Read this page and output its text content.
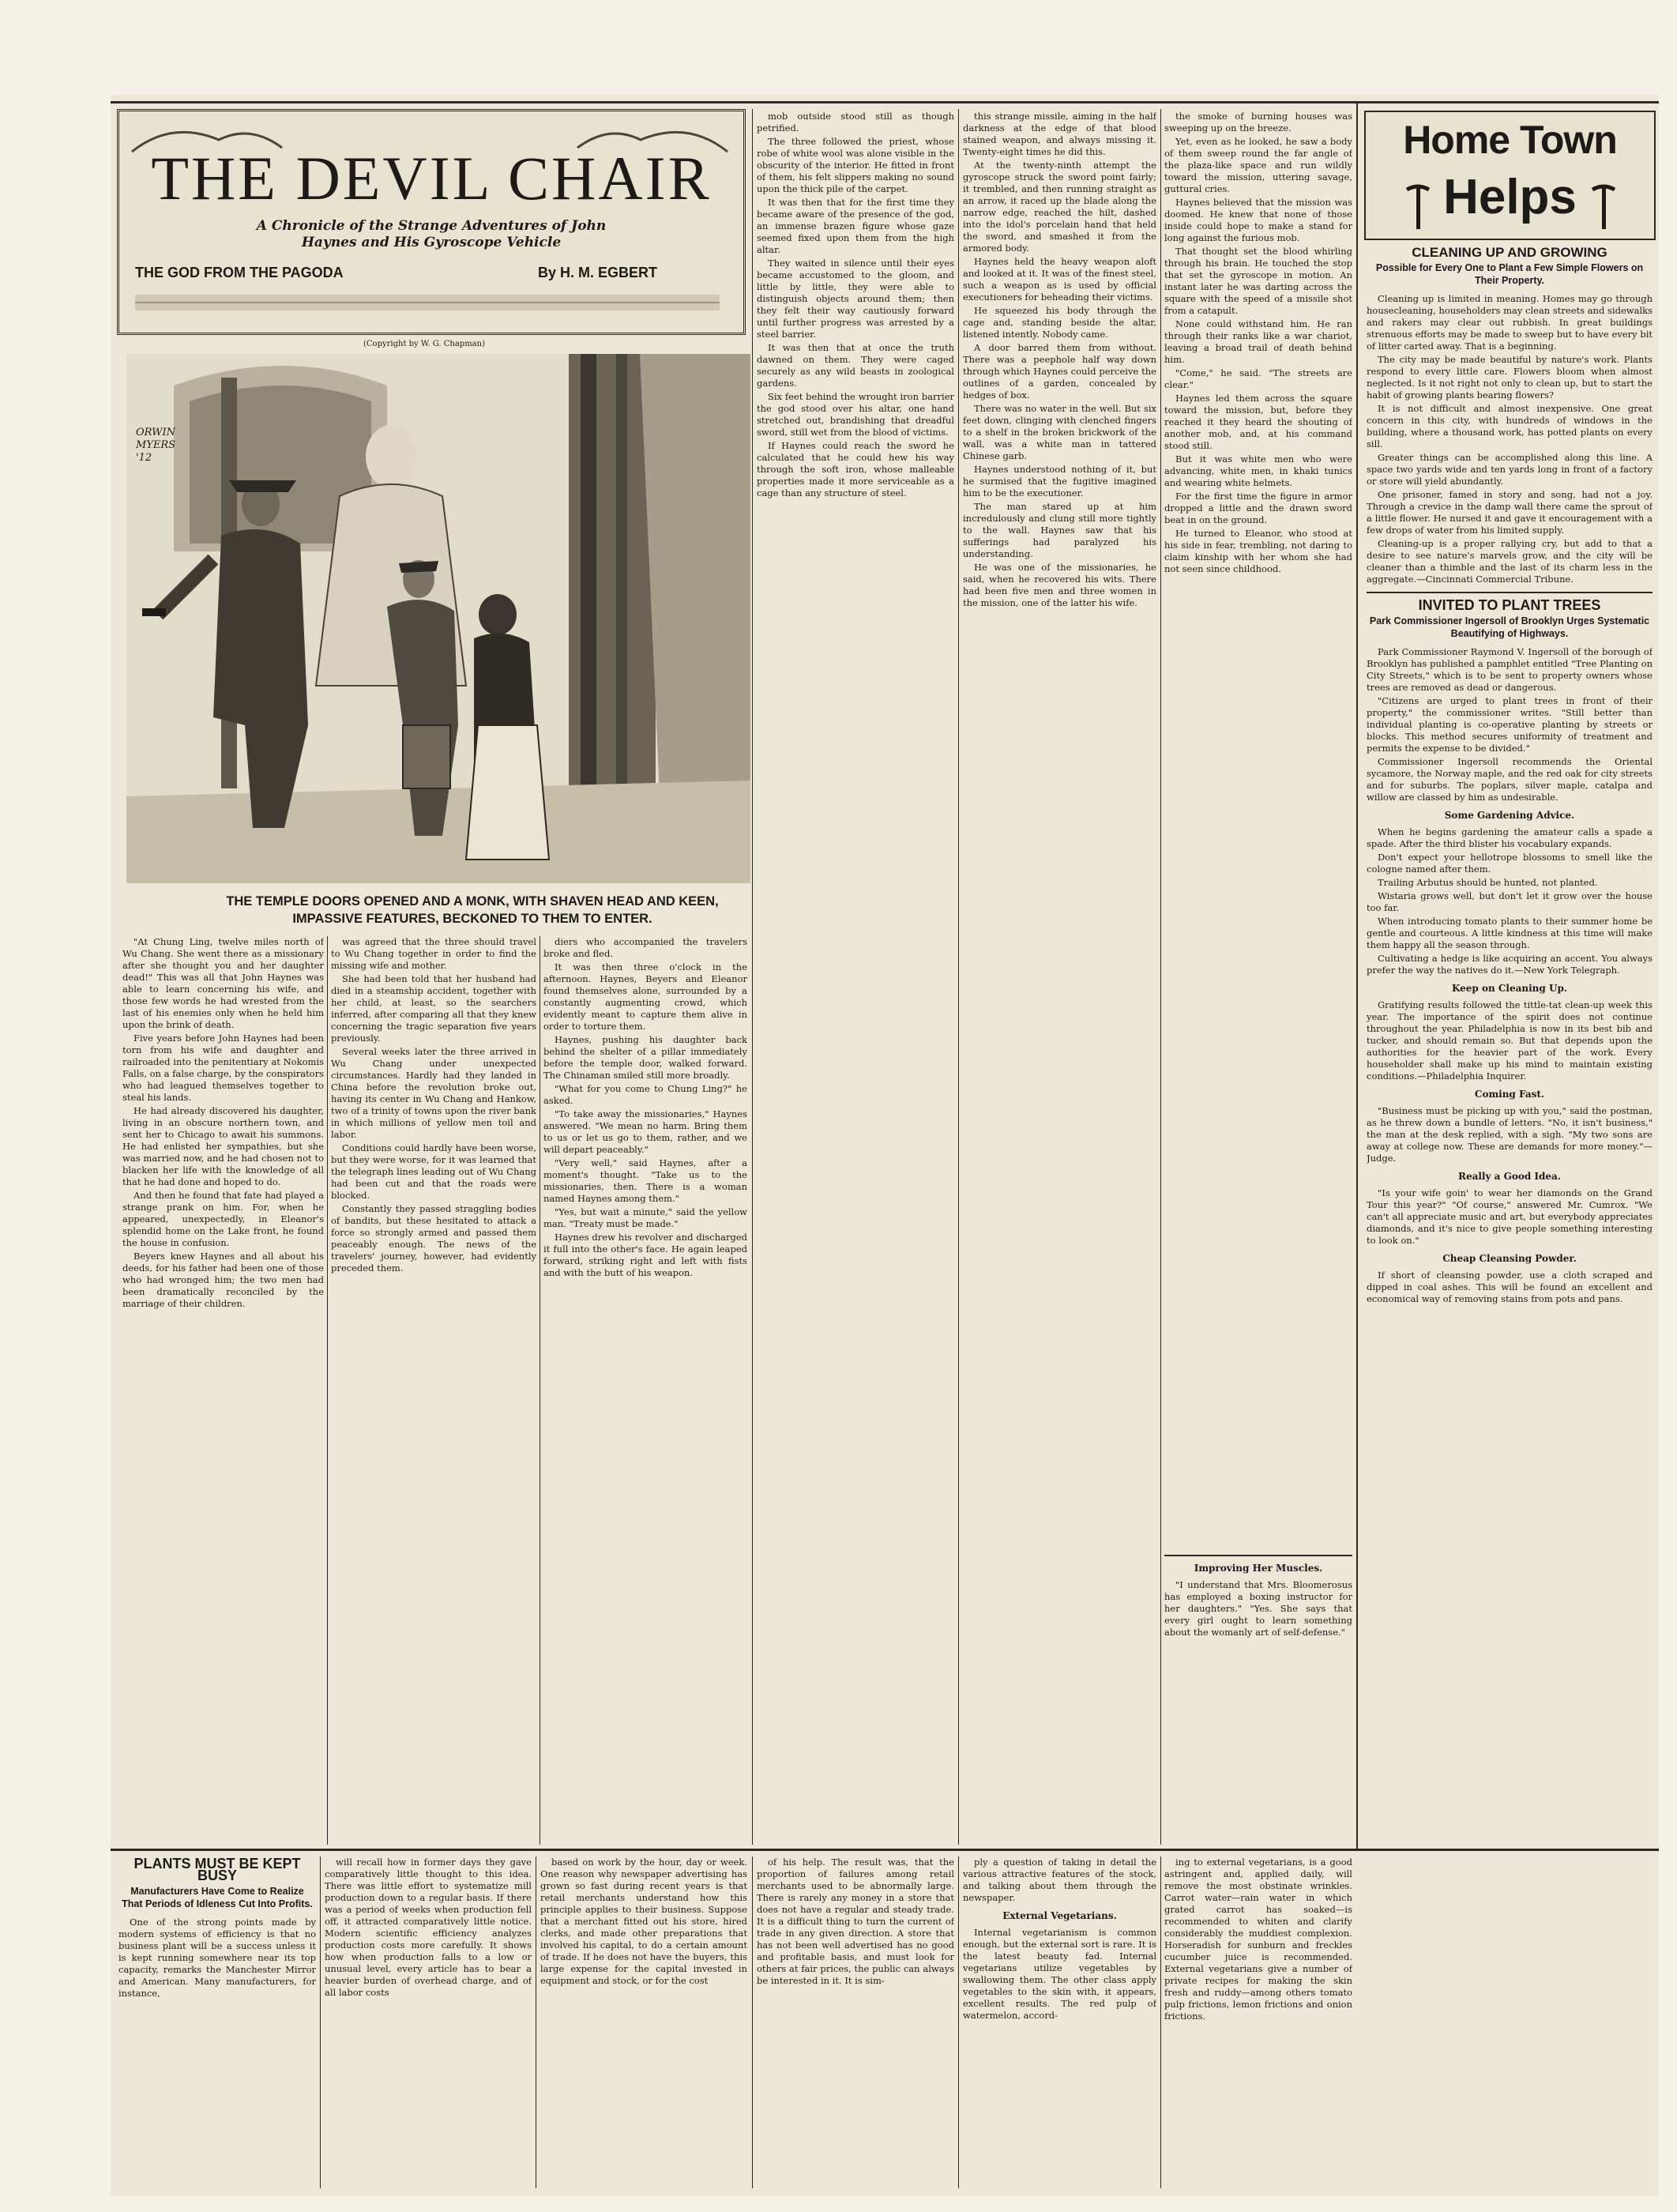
THE DEVIL CHAIR
A Chronicle of the Strange Adventures of John Haynes and His Gyroscope Vehicle
THE GOD FROM THE PAGODA	By H. M. EGBERT
(Copyright by W. G. Chapman)
ORWIN MYERS '12
THE TEMPLE DOORS OPENED AND A MONK, WITH SHAVEN HEAD AND KEEN, IMPASSIVE FEATURES, BECKONED TO THEM TO ENTER.

"At Chung Ling, twelve miles north of Wu Chang. She went there as a missionary after she thought you and her daughter dead!" This was all that John Haynes was able to learn concerning his wife, and those few words he had wrested from the last of his enemies only when he held him upon the brink of death.

Five years before John Haynes had been torn from his wife and daughter and railroaded into the penitentiary at Nokomis Falls, on a false charge, by the conspirators who had leagued themselves together to steal his lands.

He had already discovered his daughter, living in an obscure northern town, and sent her to Chicago to await his summons. He had enlisted her sympathies, but she was married now, and he had chosen not to blacken her life with the knowledge of all that he had done and hoped to do.

And then he found that fate had played a strange prank on him. For, when he appeared, unexpectedly, in Eleanor's splendid home on the Lake front, he found the house in confusion.

Beyers knew Haynes and all about his deeds, for his father had been one of those who had wronged him; the two men had been dramatically reconciled by the marriage of their children.

was agreed that the three should travel to Wu Chang together in order to find the missing wife and mother.

She had been told that her husband had died in a steamship accident, together with her child, at least, so the searchers inferred, after comparing all that they knew concerning the tragic separation five years previously.

Several weeks later the three arrived in Wu Chang under unexpected circumstances. Hardly had they landed in China before the revolution broke out, having its center in Wu Chang and Hankow, two of a trinity of towns upon the river bank in which millions of yellow men toil and labor.

Conditions could hardly have been worse, but they were worse, for it was learned that the telegraph lines leading out of Wu Chang had been cut and that the roads were blocked.

Constantly they passed straggling bodies of bandits, but these hesitated to attack a force so strongly armed and passed them peaceably enough. The news of the travelers' journey, however, had evidently preceded them.

diers who accompanied the travelers broke and fled.

It was then three o'clock in the afternoon. Haynes, Beyers and Eleanor found themselves alone, surrounded by a constantly augmenting crowd, which evidently meant to capture them alive in order to torture them.

Haynes, pushing his daughter back behind the shelter of a pillar immediately before the temple door, walked forward. The Chinaman smiled still more broadly.

"What for you come to Chung Ling?" he asked.

"To take away the missionaries," Haynes answered. "We mean no harm. Bring them to us or let us go to them, rather, and we will depart peaceably."

"Very well," said Haynes, after a moment's thought. "Take us to the missionaries, then. There is a woman named Haynes among them."

"Yes, but wait a minute," said the yellow man. "Treaty must be made."

Haynes drew his revolver and discharged it full into the other's face. He again leaped forward, striking right and left with fists and with the butt of his weapon.

mob outside stood still as though petrified.

The three followed the priest, whose robe of white wool was alone visible in the obscurity of the interior. He fitted in front of them, his felt slippers making no sound upon the thick pile of the carpet.

It was then that for the first time they became aware of the presence of the god, an immense brazen figure whose gaze seemed fixed upon them from the high altar.

They waited in silence until their eyes became accustomed to the gloom, and little by little, they were able to distinguish objects around them; then they felt their way cautiously forward until further progress was arrested by a steel barrier.

It was then that at once the truth dawned on them. They were caged securely as any wild beasts in zoological gardens.

Six feet behind the wrought iron barrier the god stood over his altar, one hand stretched out, brandishing that dreadful sword, still wet from the blood of victims.

If Haynes could reach the sword he calculated that he could hew his way through the soft iron, whose malleable properties made it more serviceable as a cage than any structure of steel.

this strange missile, aiming in the half darkness at the edge of that blood stained weapon, and always missing it. Twenty-eight times he did this.

At the twenty-ninth attempt the gyroscope struck the sword point fairly; it trembled, and then running straight as an arrow, it raced up the blade along the narrow edge, reached the hilt, dashed into the idol's porcelain hand that held the sword, and smashed it from the armored body.

Haynes held the heavy weapon aloft and looked at it. It was of the finest steel, such a weapon as is used by official executioners for beheading their victims.

He squeezed his body through the cage and, standing beside the altar, listened intently. Nobody came.

A door barred them from without. There was a peephole half way down through which Haynes could perceive the outlines of a garden, concealed by hedges of box.

There was no water in the well. But six feet down, clinging with clenched fingers to a shelf in the broken brickwork of the wall, was a white man in tattered Chinese garb.

Haynes understood nothing of it, but he surmised that the fugitive imagined him to be the executioner.

The man stared up at him incredulously and clung still more tightly to the wall. Haynes saw that his sufferings had paralyzed his understanding.

He was one of the missionaries, he said, when he recovered his wits. There had been five men and three women in the mission, one of the latter his wife.

the smoke of burning houses was sweeping up on the breeze.

Yet, even as he looked, he saw a body of them sweep round the far angle of the plaza-like space and run wildly toward the mission, uttering savage, guttural cries.

Haynes believed that the mission was doomed. He knew that none of those inside could hope to make a stand for long against the furious mob.

That thought set the blood whirling through his brain. He touched the stop that set the gyroscope in motion. An instant later he was darting across the square with the speed of a missile shot from a catapult.

None could withstand him. He ran through their ranks like a war chariot, leaving a broad trail of death behind him.

"Come," he said. "The streets are clear."

Haynes led them across the square toward the mission, but, before they reached it they heard the shouting of another mob, and, at his command stood still.

But it was white men who were advancing, white men, in khaki tunics and wearing white helmets.

For the first time the figure in armor dropped a little and the drawn sword beat in on the ground.

He turned to Eleanor, who stood at his side in fear, trembling, not daring to claim kinship with her whom she had not seen since childhood.

Improving Her Muscles.

"I understand that Mrs. Bloomerosus has employed a boxing instructor for her daughters." "Yes. She says that every girl ought to learn something about the womanly art of self-defense."

Home Town
Helps
CLEANING UP AND GROWING
Possible for Every One to Plant a Few Simple Flowers on Their Property.

Cleaning up is limited in meaning. Homes may go through housecleaning, householders may clean streets and sidewalks and rakers may clear out rubbish. In great buildings strenuous efforts may be made to sweep but to have every bit of litter carted away. That is a beginning.

The city may be made beautiful by nature's work. Plants respond to every little care. Flowers bloom when almost neglected. Is it not right not only to clean up, but to start the habit of growing plants bearing flowers?

It is not difficult and almost inexpensive. One great concern in this city, with hundreds of windows in the building, where a thousand work, has potted plants on every sill.

Greater things can be accomplished along this line. A space two yards wide and ten yards long in front of a factory or store will yield abundantly.

One prisoner, famed in story and song, had not a joy. Through a crevice in the damp wall there came the sprout of a little flower. He nursed it and gave it encouragement with a few drops of water from his limited supply.

Cleaning-up is a proper rallying cry, but add to that a desire to see nature's marvels grow, and the city will be cleaner than a thimble and the last of its charm less in the aggregate.—Cincinnati Commercial Tribune.

INVITED TO PLANT TREES
Park Commissioner Ingersoll of Brooklyn Urges Systematic Beautifying of Highways.

Park Commissioner Raymond V. Ingersoll of the borough of Brooklyn has published a pamphlet entitled "Tree Planting on City Streets," which is to be sent to property owners whose trees are removed as dead or dangerous.

"Citizens are urged to plant trees in front of their property," the commissioner writes. "Still better than individual planting is co-operative planting by streets or blocks. This method secures uniformity of treatment and permits the expense to be divided."

Commissioner Ingersoll recommends the Oriental sycamore, the Norway maple, and the red oak for city streets and for suburbs. The poplars, silver maple, catalpa and willow are classed by him as undesirable.

Some Gardening Advice.

When he begins gardening the amateur calls a spade a spade. After the third blister his vocabulary expands.

Don't expect your hellotrope blossoms to smell like the cologne named after them.

Trailing Arbutus should be hunted, not planted.

Wistaria grows well, but don't let it grow over the house too far.

When introducing tomato plants to their summer home be gentle and courteous. A little kindness at this time will make them happy all the season through.

Cultivating a hedge is like acquiring an accent. You always prefer the way the natives do it.—New York Telegraph.

Keep on Cleaning Up.

Gratifying results followed the tittle-tat clean-up week this year. The importance of the spirit does not continue throughout the year. Philadelphia is now in its best bib and tucker, and should remain so. But that depends upon the authorities for the heavier part of the work. Every householder shall make up his mind to maintain existing conditions.—Philadelphia Inquirer.

Coming Fast.

"Business must be picking up with you," said the postman, as he threw down a bundle of letters. "No, it isn't business," the man at the desk replied, with a sigh. "My two sons are away at college now. These are demands for more money."—Judge.

Really a Good Idea.

"Is your wife goin' to wear her diamonds on the Grand Tour this year?" "Of course," answered Mr. Cumrox. "We can't all appreciate music and art, but everybody appreciates diamonds, and it's nice to give people something interesting to look on."

Cheap Cleansing Powder.

If short of cleansing powder, use a cloth scraped and dipped in coal ashes. This will be found an excellent and economical way of removing stains from pots and pans.

PLANTS MUST BE KEPT BUSY
Manufacturers Have Come to Realize That Periods of Idleness Cut Into Profits.

One of the strong points made by modern systems of efficiency is that no business plant will be a success unless it is kept running somewhere near its top capacity, remarks the Manchester Mirror and American. Many manufacturers, for instance,

will recall how in former days they gave comparatively little thought to this idea. There was little effort to systematize mill production down to a regular basis. If there was a period of weeks when production fell off, it attracted comparatively little notice. Modern scientific efficiency analyzes production costs more carefully. It shows how when production falls to a low or unusual level, every article has to bear a heavier burden of overhead charge, and of all labor costs

based on work by the hour, day or week. One reason why newspaper advertising has grown so fast during recent years is that retail merchants understand how this principle applies to their business. Suppose that a merchant fitted out his store, hired clerks, and made other preparations that involved his capital, to do a certain amount of trade. If he does not have the buyers, this large expense for the capital invested in equipment and stock, or for the cost

of his help. The result was, that the proportion of failures among retail merchants used to be abnormally large. There is rarely any money in a store that does not have a regular and steady trade. It is a difficult thing to turn the current of trade in any given direction. A store that has not been well advertised has no good and profitable basis, and must look for others at fair prices, the public can always be interested in it. It is sim-

ply a question of taking in detail the various attractive features of the stock, and talking about them through the newspaper.

External Vegetarians.

Internal vegetarianism is common enough, but the external sort is rare. It is the latest beauty fad. Internal vegetarians utilize vegetables by swallowing them. The other class apply vegetables to the skin with, it appears, excellent results. The red pulp of watermelon, accord-

ing to external vegetarians, is a good astringent and, applied daily, will remove the most obstinate wrinkles. Carrot water—rain water in which grated carrot has soaked—is recommended to whiten and clarify considerably the muddiest complexion. Horseradish for sunburn and freckles cucumber juice is recommended. External vegetarians give a number of private recipes for making the skin fresh and ruddy—among others tomato pulp frictions, lemon frictions and onion frictions.
